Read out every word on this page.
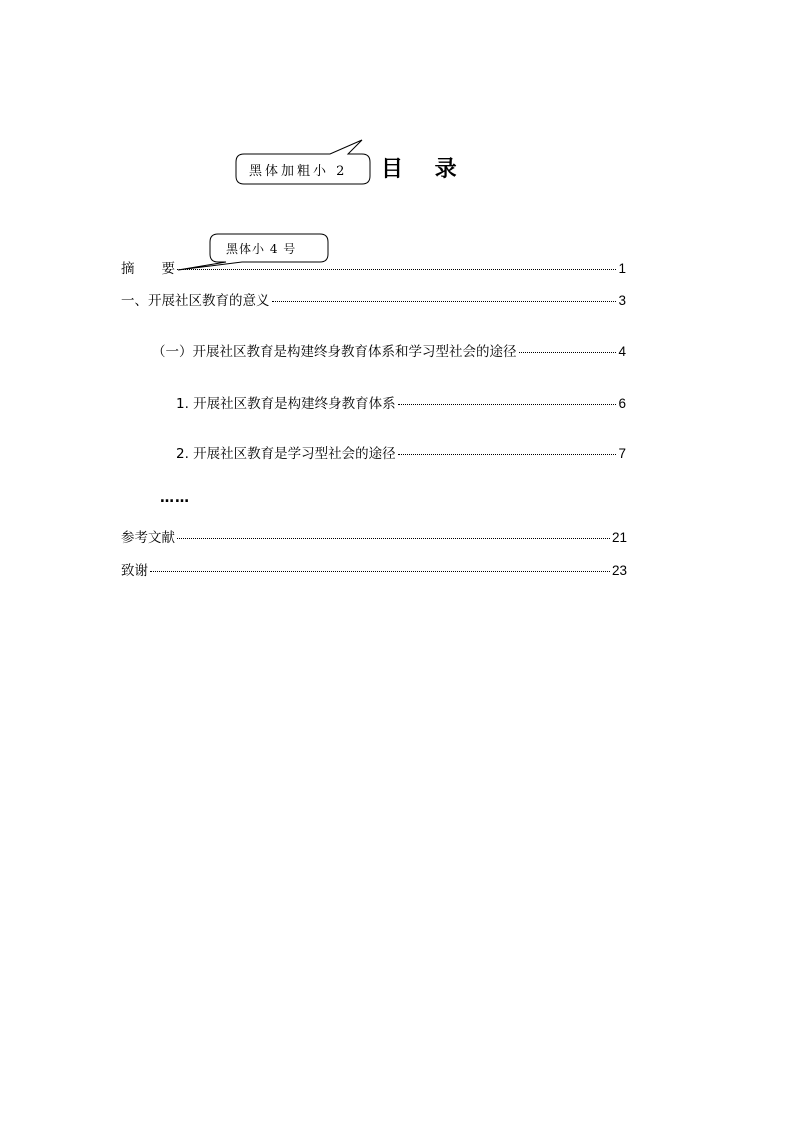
黑体加粗小 2 目 录
黑体小 4 号
摘　　要	1
一、开展社区教育的意义	3
（一）开展社区教育是构建终身教育体系和学习型社会的途径	4
1. 开展社区教育是构建终身教育体系	6
2. 开展社区教育是学习型社会的途径	7
……
参考文献	21
致谢	23
